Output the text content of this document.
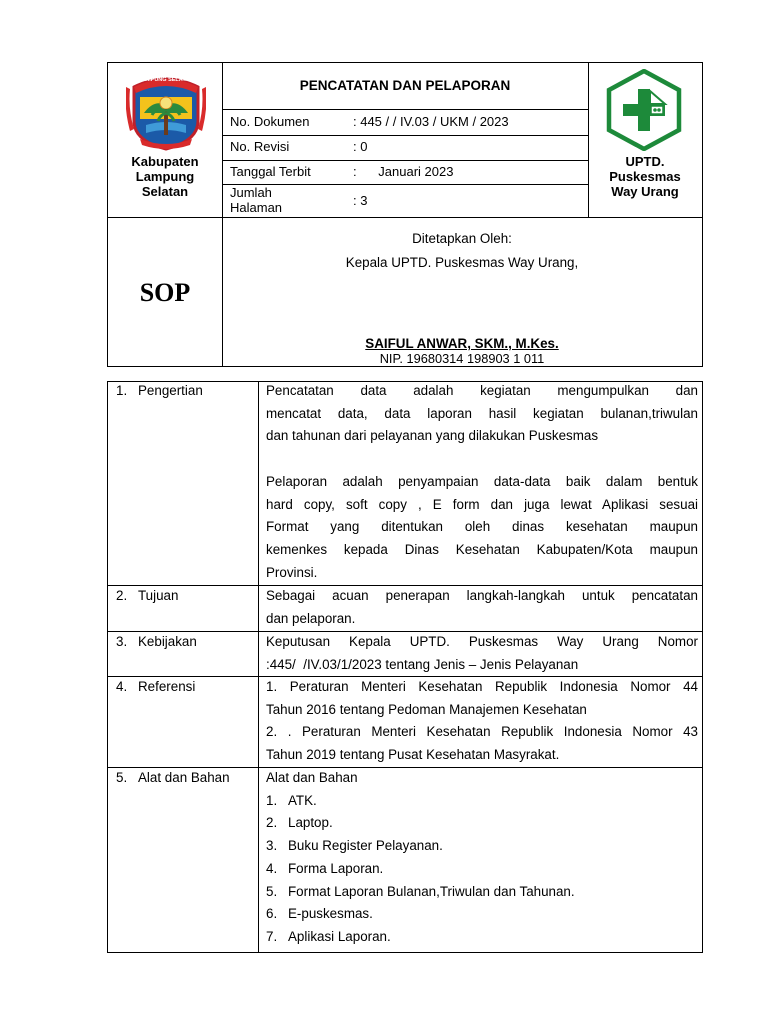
LAMPUNG SELATAN
Kabupaten
Lampung
Selatan
PENCATATAN DAN PELAPORAN
No. Dokumen	: 445 / / IV.03 / UKM / 2023
No. Revisi	: 0
Tanggal Terbit	:      Januari 2023
Jumlah
Halaman	: 3
UPTD.
Puskesmas
Way Urang
SOP
Ditetapkan Oleh:
Kepala UPTD. Puskesmas Way Urang,
SAIFUL ANWAR, SKM., M.Kes.
NIP. 19680314 198903 1 011
1. Pengertian	Pencatatan data adalah kegiatan mengumpulkan dan
mencatat data, data laporan hasil kegiatan bulanan,triwulan
dan tahunan dari pelayanan yang dilakukan Puskesmas
Pelaporan adalah penyampaian data-data baik dalam bentuk
hard copy, soft copy , E form dan juga lewat Aplikasi sesuai
Format yang ditentukan oleh dinas kesehatan maupun
kemenkes kepada Dinas Kesehatan Kabupaten/Kota maupun
Provinsi.
2. Tujuan	Sebagai acuan penerapan langkah-langkah untuk pencatatan
dan pelaporan.
3. Kebijakan	Keputusan Kepala UPTD. Puskesmas Way Urang Nomor
:445/  /IV.03/1/2023 tentang Jenis – Jenis Pelayanan
4. Referensi	1. Peraturan Menteri Kesehatan Republik Indonesia Nomor 44
Tahun 2016 tentang Pedoman Manajemen Kesehatan
2. . Peraturan Menteri Kesehatan Republik Indonesia Nomor 43
Tahun 2019 tentang Pusat Kesehatan Masyrakat.
5. Alat dan Bahan	Alat dan Bahan
1. ATK.
2. Laptop.
3. Buku Register Pelayanan.
4. Forma Laporan.
5. Format Laporan Bulanan,Triwulan dan Tahunan.
6. E-puskesmas.
7. Aplikasi Laporan.
